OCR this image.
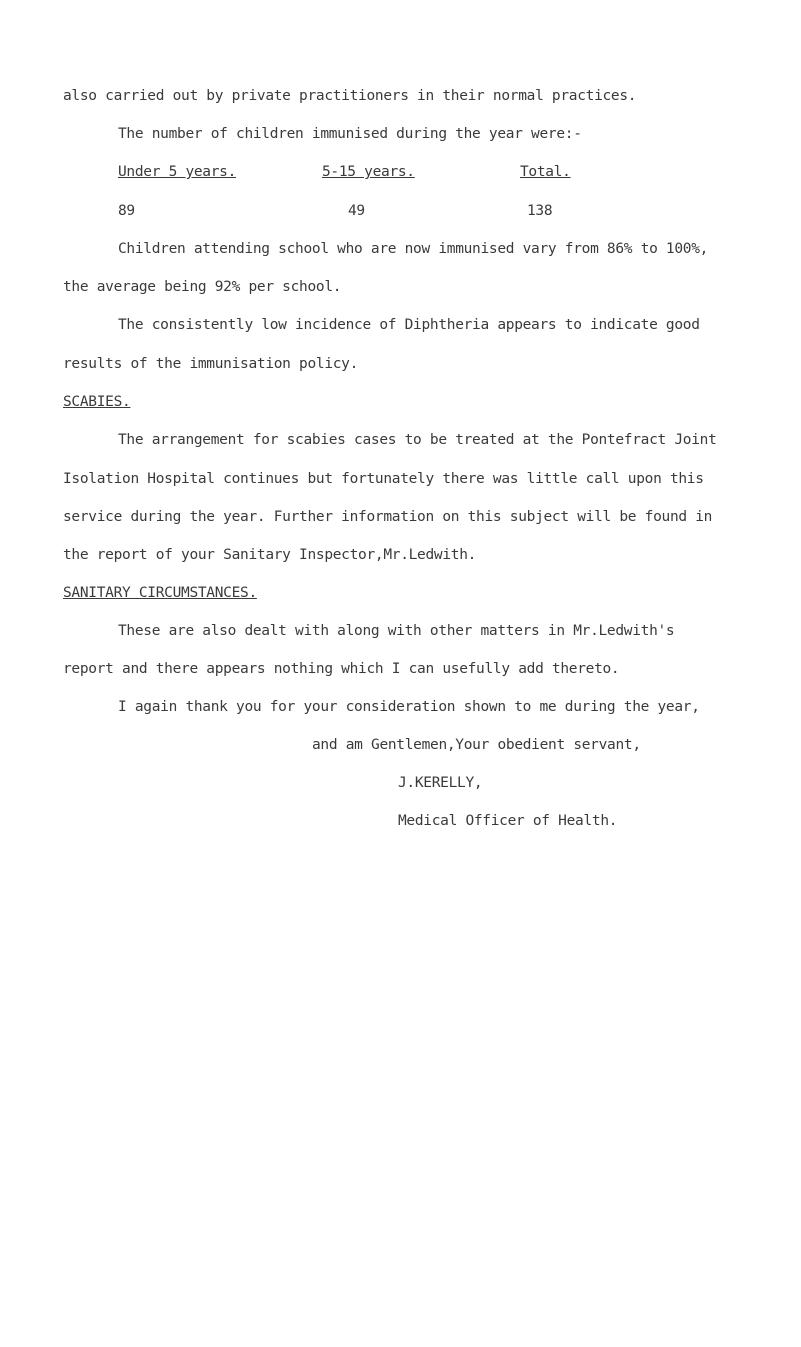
also carried out by private practitioners in their normal practices.
The number of children immunised during the year were:-
Under 5 years.	5-15 years.	Total.
89	49	138
Children attending school who are now immunised vary from 86% to 100%,
the average being 92% per school.
The consistently low incidence of Diphtheria appears to indicate good
results of the immunisation policy.
SCABIES.
The arrangement for scabies cases to be treated at the Pontefract Joint
Isolation Hospital continues but fortunately there was little call upon this
service during the year. Further information on this subject will be found in
the report of your Sanitary Inspector,Mr.Ledwith.
SANITARY CIRCUMSTANCES.
These are also dealt with along with other matters in Mr.Ledwith's
report and there appears nothing which I can usefully add thereto.
I again thank you for your consideration shown to me during the year,
and am Gentlemen,Your obedient servant,
J.KERELLY,
Medical Officer of Health.
